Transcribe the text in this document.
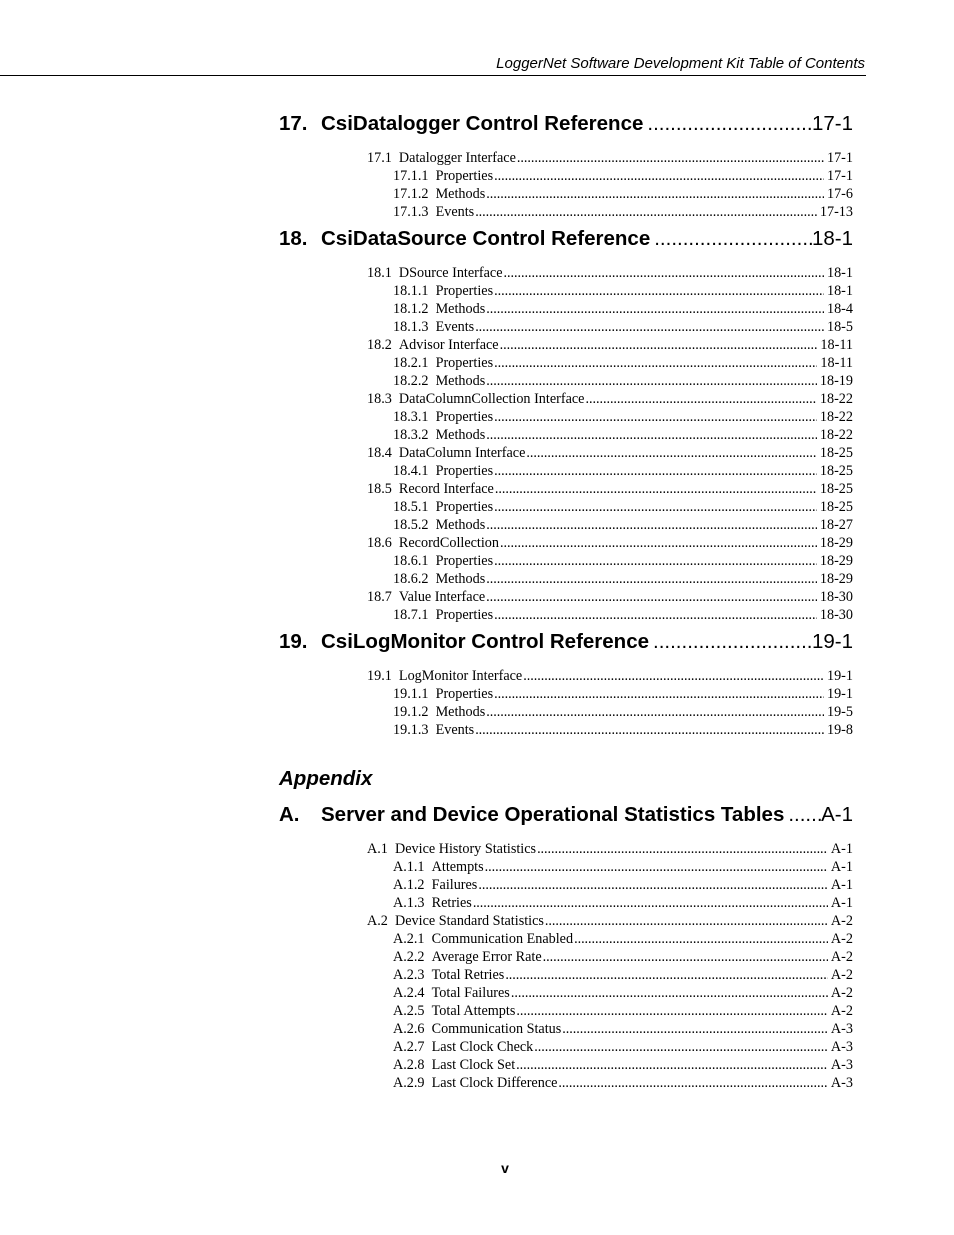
LoggerNet Software Development Kit Table of Contents
17. CsiDatalogger Control Reference .....	17-1
17.1 Datalogger Interface . . .	17-1
17.1.1 Properties . . .	17-1
17.1.2 Methods . . .	17-6
17.1.3 Events . . .	17-13
18. CsiDataSource Control Reference .....	18-1
18.1 DSource Interface . . .	18-1
18.1.1 Properties . . .	18-1
18.1.2 Methods . . .	18-4
18.1.3 Events . . .	18-5
18.2 Advisor Interface . . .	18-11
18.2.1 Properties . . .	18-11
18.2.2 Methods . . .	18-19
18.3 DataColumnCollection Interface . . .	18-22
18.3.1 Properties . . .	18-22
18.3.2 Methods . . .	18-22
18.4 DataColumn Interface . . .	18-25
18.4.1 Properties . . .	18-25
18.5 Record Interface . . .	18-25
18.5.1 Properties . . .	18-25
18.5.2 Methods . . .	18-27
18.6 RecordCollection . . .	18-29
18.6.1 Properties . . .	18-29
18.6.2 Methods . . .	18-29
18.7 Value Interface . . .	18-30
18.7.1 Properties . . .	18-30
19. CsiLogMonitor Control Reference .....	19-1
19.1 LogMonitor Interface . . .	19-1
19.1.1 Properties . . .	19-1
19.1.2 Methods . . .	19-5
19.1.3 Events . . .	19-8
Appendix
A.	Server and Device Operational Statistics Tables ..... A-1
A.1 Device History Statistics . . .	A-1
A.1.1 Attempts . . .	A-1
A.1.2 Failures . . .	A-1
A.1.3 Retries . . .	A-1
A.2 Device Standard Statistics . . .	A-2
A.2.1 Communication Enabled . . .	A-2
A.2.2 Average Error Rate . . .	A-2
A.2.3 Total Retries . . .	A-2
A.2.4 Total Failures . . .	A-2
A.2.5 Total Attempts . . .	A-2
A.2.6 Communication Status . . .	A-3
A.2.7 Last Clock Check . . .	A-3
A.2.8 Last Clock Set . . .	A-3
A.2.9 Last Clock Difference . . .	A-3
v
